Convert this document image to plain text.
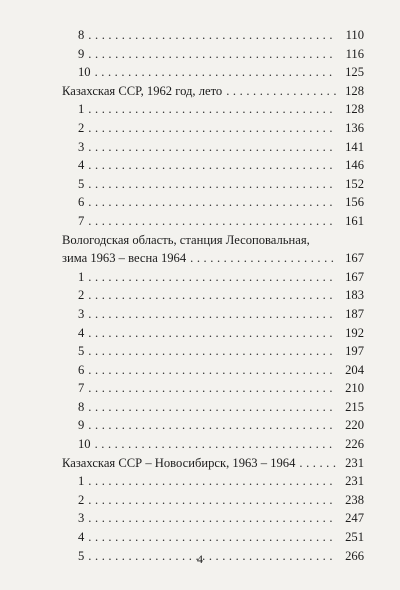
8 . . .	110
9 . . .	116
10 . . .	125
Казахская ССР, 1962 год, лето . . .	128
1 . . .	128
2 . . .	136
3 . . .	141
4 . . .	146
5 . . .	152
6 . . .	156
7 . . .	161
Вологодская область, станция Лесоповальная,
зима 1963 – весна 1964 . . .	167
1 . . .	167
2 . . .	183
3 . . .	187
4 . . .	192
5 . . .	197
6 . . .	204
7 . . .	210
8 . . .	215
9 . . .	220
10 . . .	226
Казахская ССР – Новосибирск, 1963 – 1964 . . .	231
1 . . .	231
2 . . .	238
3 . . .	247
4 . . .	251
5 . . .	266
4
